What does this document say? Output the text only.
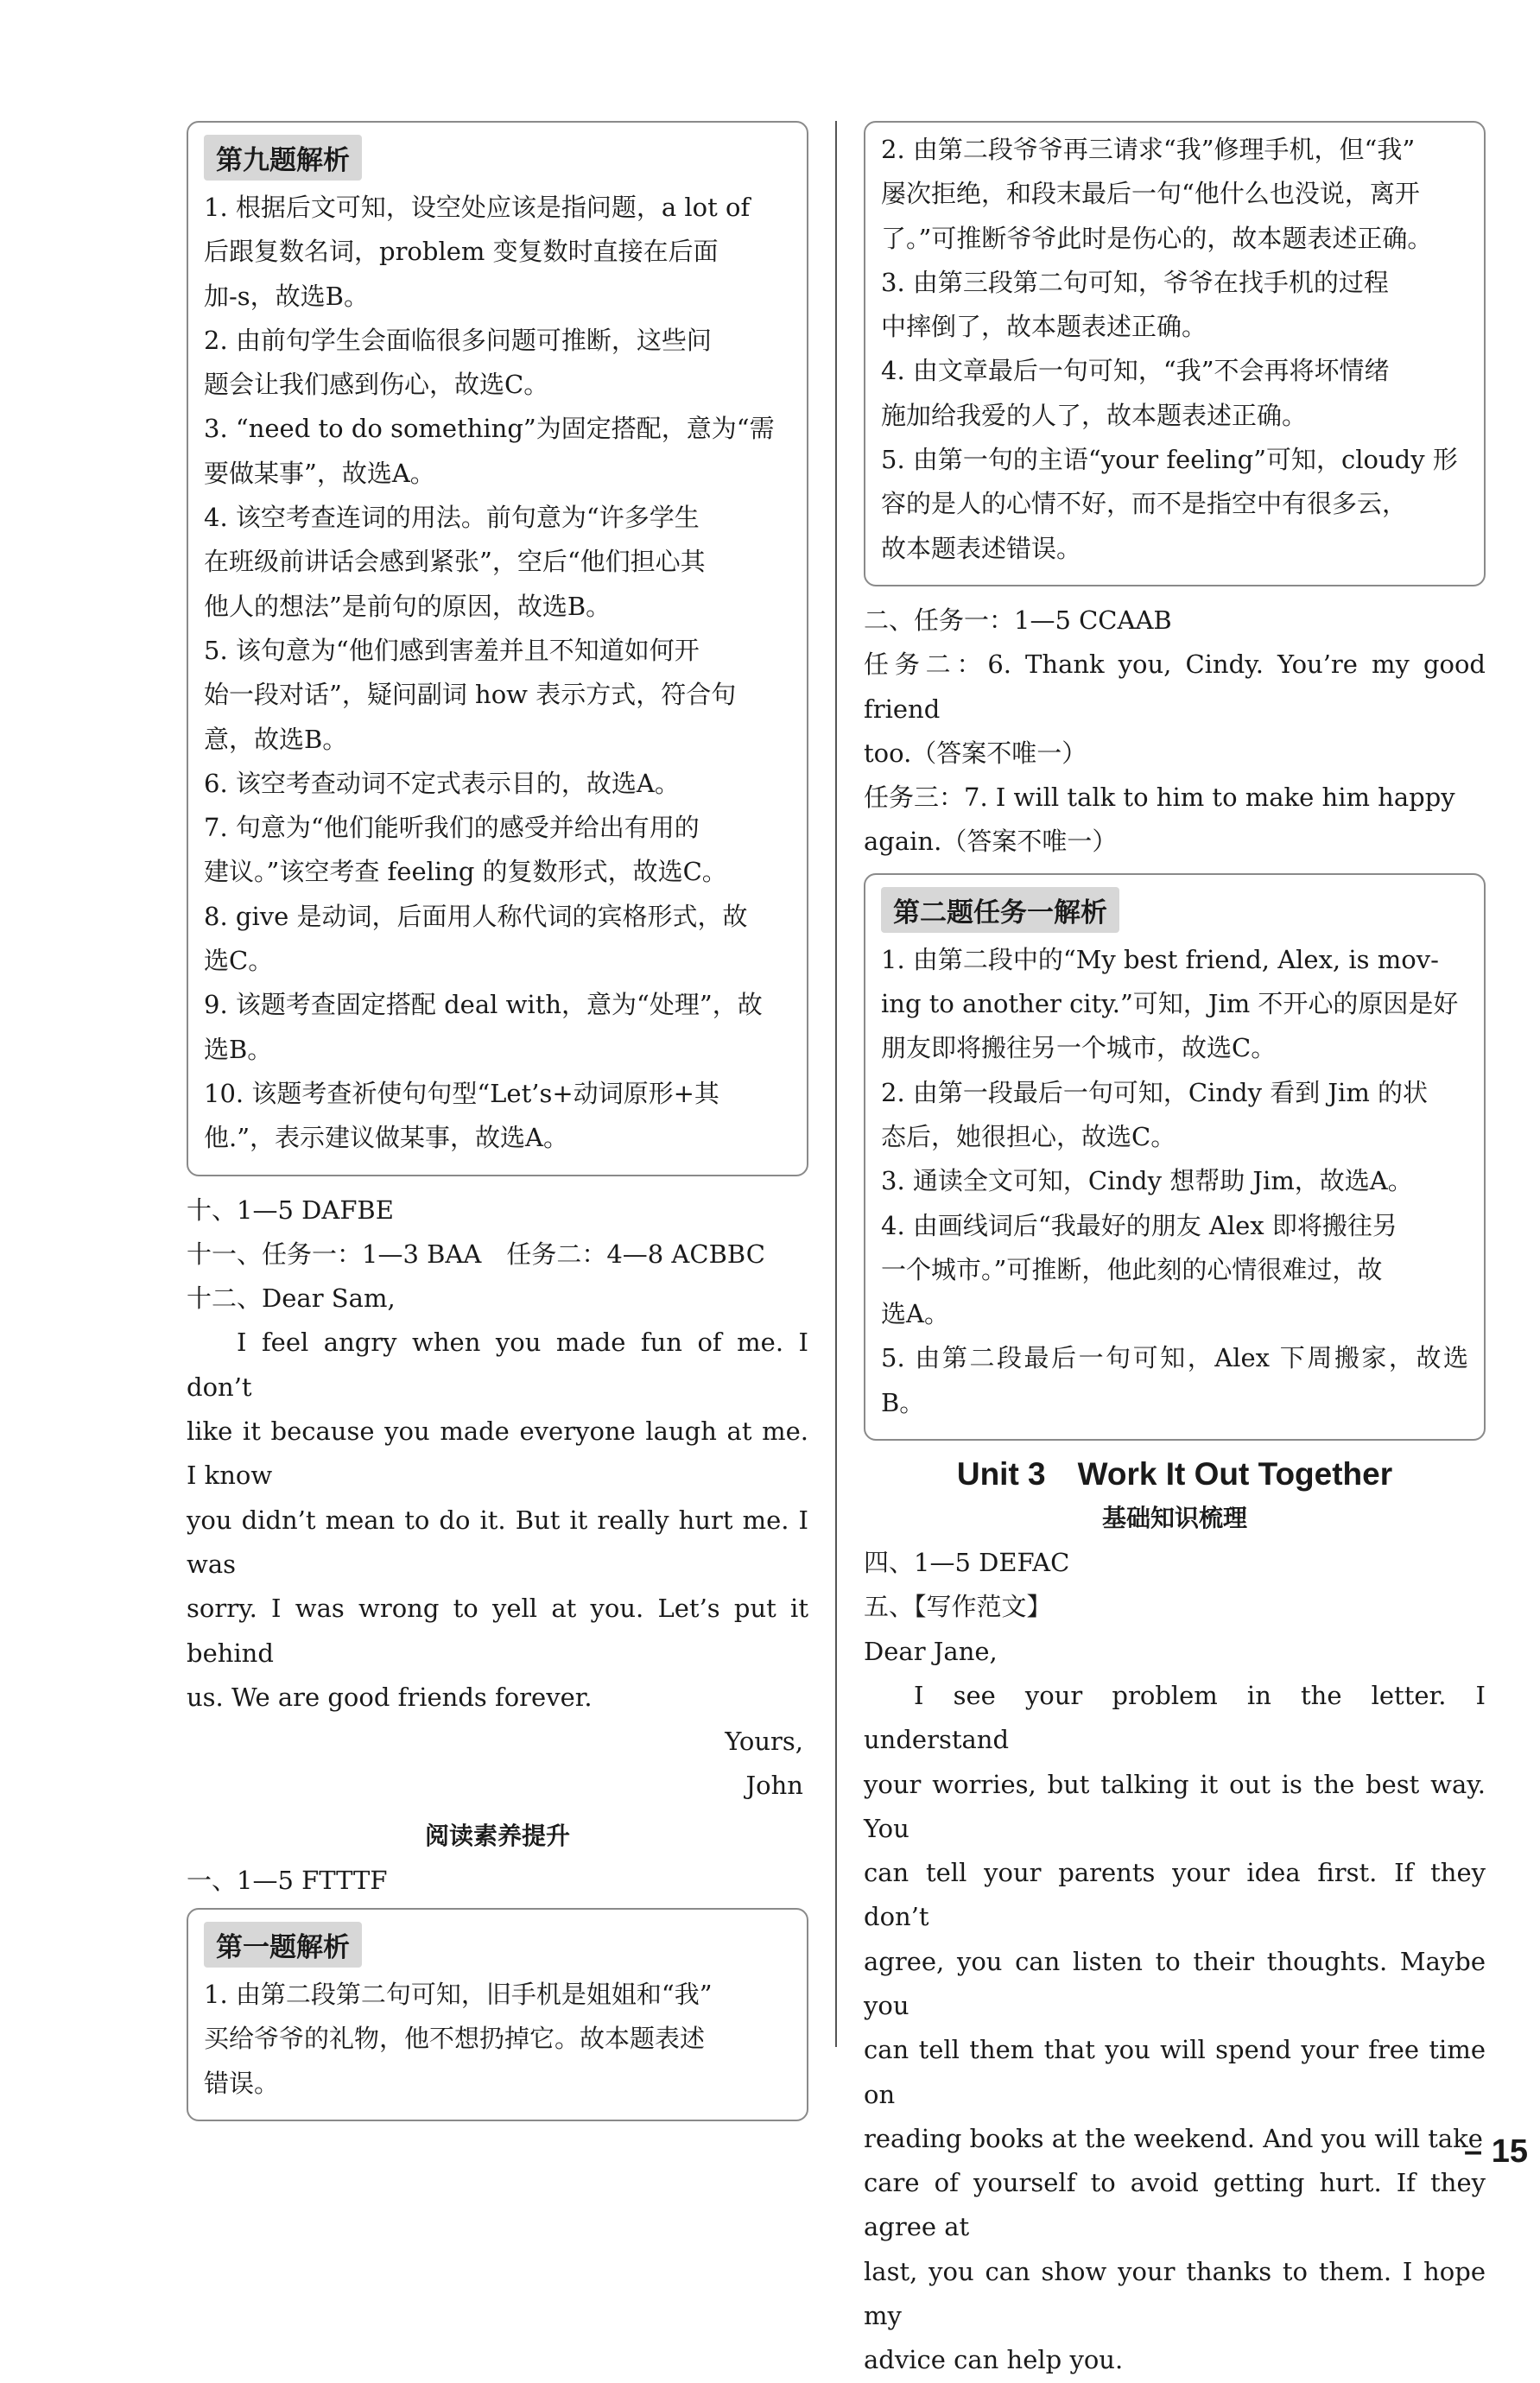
第九题解析

1. 根据后文可知，设空处应该是指问题，a lot of

后跟复数名词，problem 变复数时直接在后面

加-s，故选B。

2. 由前句学生会面临很多问题可推断，这些问

题会让我们感到伤心，故选C。

3. “need to do something”为固定搭配，意为“需

要做某事”，故选A。

4. 该空考查连词的用法。前句意为“许多学生

在班级前讲话会感到紧张”，空后“他们担心其

他人的想法”是前句的原因，故选B。

5. 该句意为“他们感到害羞并且不知道如何开

始一段对话”，疑问副词 how 表示方式，符合句

意，故选B。

6. 该空考查动词不定式表示目的，故选A。

7. 句意为“他们能听我们的感受并给出有用的

建议。”该空考查 feeling 的复数形式，故选C。

8. give 是动词，后面用人称代词的宾格形式，故

选C。

9. 该题考查固定搭配 deal with，意为“处理”，故

选B。

10. 该题考查祈使句句型“Let’s+动词原形+其

他.”，表示建议做某事，故选A。

十、1—5 DAFBE

十一、任务一：1—3 BAA　任务二：4—8 ACBBC

十二、Dear Sam,

I feel angry when you made fun of me. I don’t

like it because you made everyone laugh at me. I know

you didn’t mean to do it. But it really hurt me. I was

sorry. I was wrong to yell at you. Let’s put it behind

us. We are good friends forever.

Yours,

John

阅读素养提升

一、1—5 FTTTF

第一题解析

1. 由第二段第二句可知，旧手机是姐姐和“我”

买给爷爷的礼物，他不想扔掉它。故本题表述

错误。

2. 由第二段爷爷再三请求“我”修理手机，但“我”

屡次拒绝，和段末最后一句“他什么也没说，离开

了。”可推断爷爷此时是伤心的，故本题表述正确。

3. 由第三段第二句可知，爷爷在找手机的过程

中摔倒了，故本题表述正确。

4. 由文章最后一句可知，“我”不会再将坏情绪

施加给我爱的人了，故本题表述正确。

5. 由第一句的主语“your feeling”可知，cloudy 形

容的是人的心情不好，而不是指空中有很多云，

故本题表述错误。

二、任务一：1—5 CCAAB

任务二：6. Thank you, Cindy. You’re my good friend

too.（答案不唯一）

任务三：7. I will talk to him to make him happy

again.（答案不唯一）

第二题任务一解析

1. 由第二段中的“My best friend, Alex, is mov-

ing to another city.”可知，Jim 不开心的原因是好

朋友即将搬往另一个城市，故选C。

2. 由第一段最后一句可知，Cindy 看到 Jim 的状

态后，她很担心，故选C。

3. 通读全文可知，Cindy 想帮助 Jim，故选A。

4. 由画线词后“我最好的朋友 Alex 即将搬往另

一个城市。”可推断，他此刻的心情很难过，故

选A。

5. 由第二段最后一句可知，Alex 下周搬家，故选B。

Unit 3　Work It Out Together
基础知识梳理

四、1—5 DEFAC

五、【写作范文】

Dear Jane,

I see your problem in the letter. I understand

your worries, but talking it out is the best way. You

can tell your parents your idea first. If they don’t

agree, you can listen to their thoughts. Maybe you

can tell them that you will spend your free time on

reading books at the weekend. And you will take

care of yourself to avoid getting hurt. If they agree at

last, you can show your thanks to them. I hope my

advice can help you.

– 15
